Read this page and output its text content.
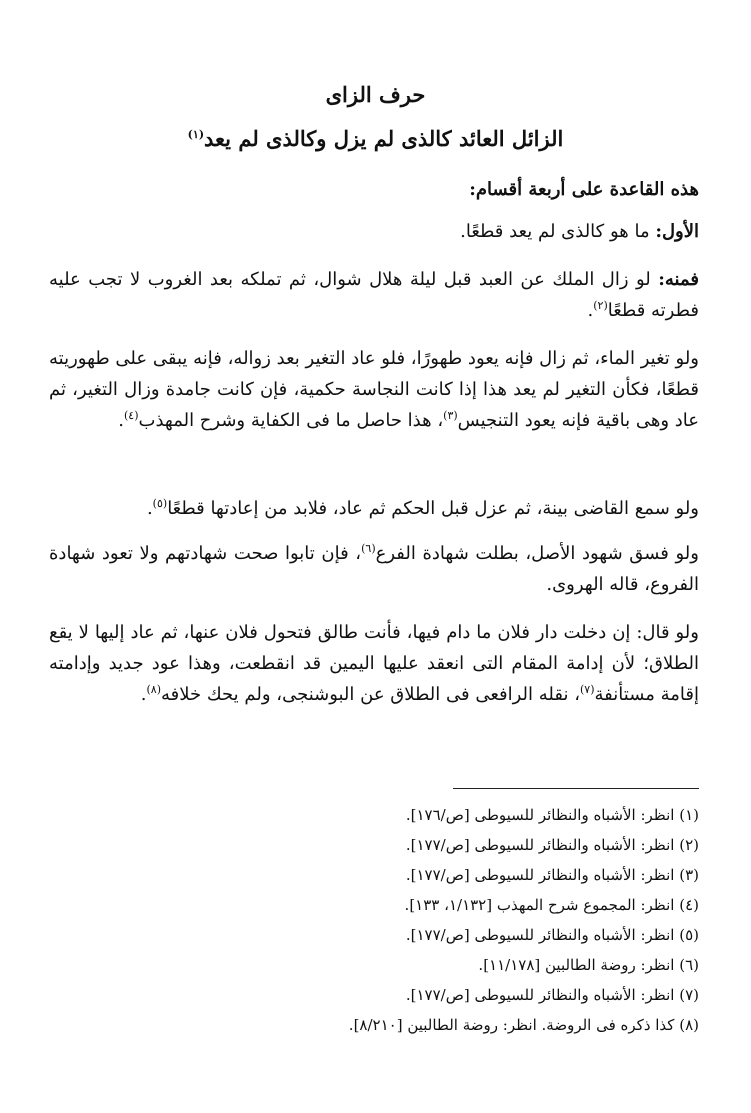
حرف الزاى
الزائل العائد كالذى لم يزل وكالذى لم يعد$^{(١)}$
هذه القاعدة على أربعة أقسام:
الأول: ما هو كالذى لم يعد قطعًا.
فمنه: لو زال الملك عن العبد قبل ليلة هلال شوال، ثم تملكه بعد الغروب لا تجب عليه فطرته قطعًا$^{(٢)}$.
ولو تغير الماء، ثم زال فإنه يعود طهورًا، فلو عاد التغير بعد زواله، فإنه يبقى على طهوريته قطعًا، فكأن التغير لم يعد هذا إذا كانت النجاسة حكمية، فإن كانت جامدة وزال التغير، ثم عاد وهى باقية فإنه يعود التنجيس$^{(٣)}$، هذا حاصل ما فى الكفاية وشرح المهذب$^{(٤)}$.
ولو سمع القاضى بينة، ثم عزل قبل الحكم ثم عاد، فلابد من إعادتها قطعًا$^{(٥)}$.
ولو فسق شهود الأصل، بطلت شهادة الفرع$^{(٦)}$، فإن تابوا صحت شهادتهم ولا تعود شهادة الفروع، قاله الهروى.
ولو قال: إن دخلت دار فلان ما دام فيها، فأنت طالق فتحول فلان عنها، ثم عاد إليها لا يقع الطلاق؛ لأن إدامة المقام التى انعقد عليها اليمين قد انقطعت، وهذا عود جديد وإدامته إقامة مستأنفة$^{(٧)}$، نقله الرافعى فى الطلاق عن البوشنجى، ولم يحك خلافه$^{(٨)}$.
(١) انظر: الأشباه والنظائر للسيوطى [ص/١٧٦].
(٢) انظر: الأشباه والنظائر للسيوطى [ص/١٧٧].
(٣) انظر: الأشباه والنظائر للسيوطى [ص/١٧٧].
(٤) انظر: المجموع شرح المهذب [١/١٣٢، ١٣٣].
(٥) انظر: الأشباه والنظائر للسيوطى [ص/١٧٧].
(٦) انظر: روضة الطالبين [١١/١٧٨].
(٧) انظر: الأشباه والنظائر للسيوطى [ص/١٧٧].
(٨) كذا ذكره فى الروضة. انظر: روضة الطالبين [٨/٢١٠].
